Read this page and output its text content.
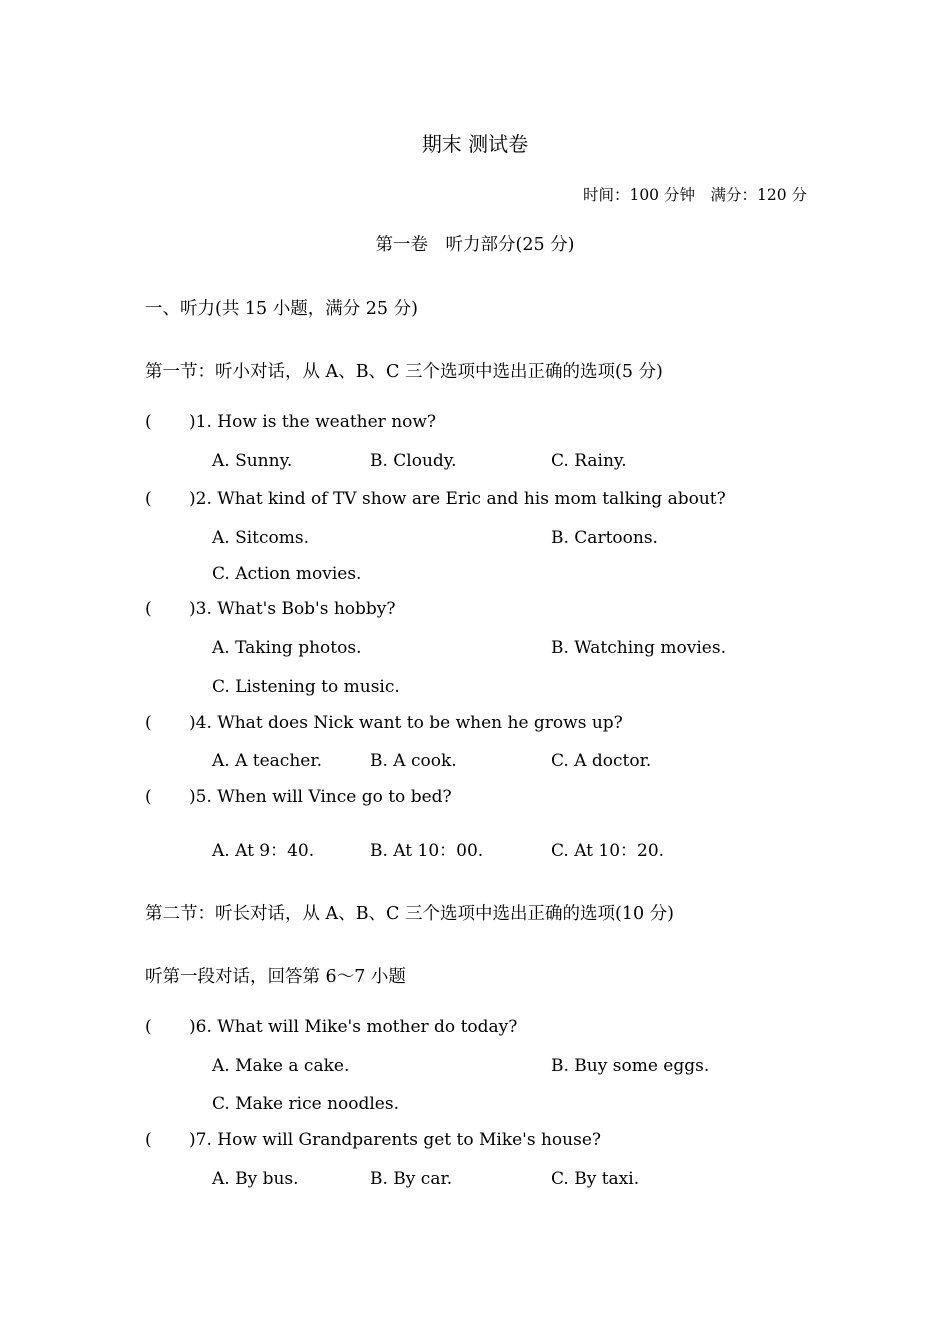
期末 测试卷
时间：100 分钟　 满分：120 分
第一卷　听力部分(25 分)
一、听力(共 15 小题，满分 25 分)
第一节：听小对话，从 A、B、C 三个选项中选出正确的选项(5 分)
( )1. How is the weather now?
A. Sunny.	B. Cloudy.	C. Rainy.
( )2. What kind of TV show are Eric and his mom talking about?
A. Sitcoms.	B. Cartoons.
C. Action movies.
( )3. What's Bob's hobby?
A. Taking photos.	B. Watching movies.
C. Listening to music.
( )4. What does Nick want to be when he grows up?
A. A teacher.	B. A cook.	C. A doctor.
( )5. When will Vince go to bed?
A. At 9：40.	B. At 10：00.	C. At 10：20.
第二节：听长对话，从 A、B、C 三个选项中选出正确的选项(10 分)
听第一段对话，回答第 6～7 小题
( )6. What will Mike's mother do today?
A. Make a cake.	B. Buy some eggs.
C. Make rice noodles.
( )7. How will Grandparents get to Mike's house?
A. By bus.	B. By car.	C. By taxi.
